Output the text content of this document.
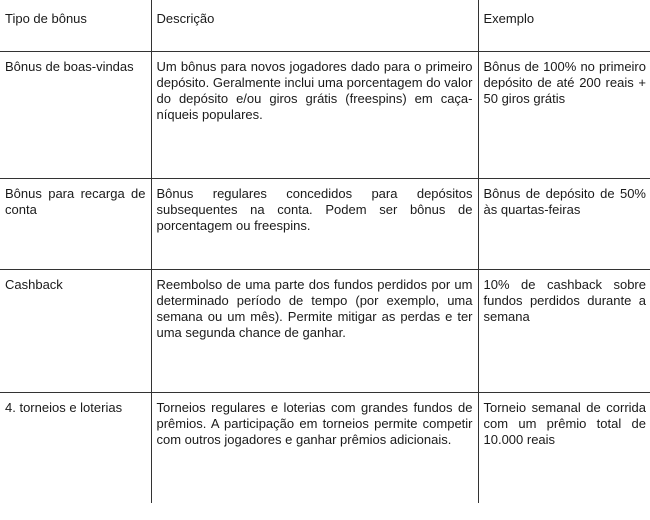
Tipo de bônus	Descrição	Exemplo
Bônus de boas-vindas	Um bônus para novos jogadores dado para o primeiro depósito. Geralmente inclui uma porcentagem do valor do depósito e/ou giros grátis (freespins) em caça-níqueis populares.	Bônus de 100% no primeiro depósito de até 200 reais + 50 giros grátis
Bônus para recarga de conta	Bônus regulares concedidos para depósitos subsequentes na conta. Podem ser bônus de porcentagem ou freespins.	Bônus de depósito de 50% às quartas-feiras
Cashback	Reembolso de uma parte dos fundos perdidos por um determinado período de tempo (por exemplo, uma semana ou um mês). Permite mitigar as perdas e ter uma segunda chance de ganhar.	10% de cashback sobre fundos perdidos durante a semana
4. torneios e loterias	Torneios regulares e loterias com grandes fundos de prêmios. A participação em torneios permite competir com outros jogadores e ganhar prêmios adicionais.	Torneio semanal de corrida com um prêmio total de 10.000 reais
